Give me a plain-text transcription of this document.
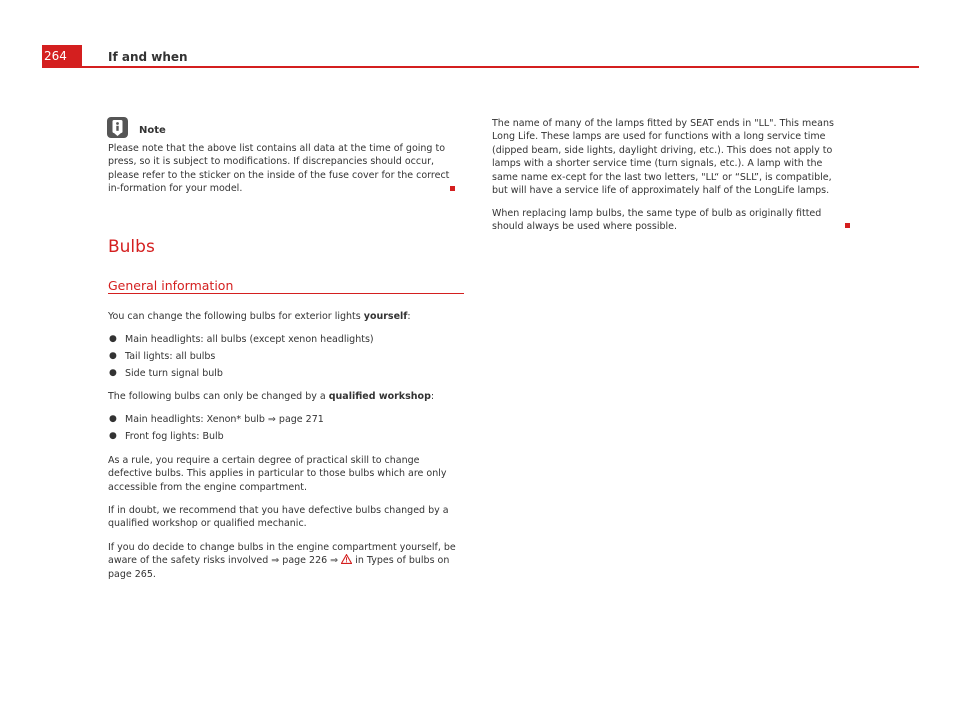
264	If and when
Note
Please note that the above list contains all data at the time of going to press, so it is subject to modifications. If discrepancies should occur, please refer to the sticker on the inside of the fuse cover for the correct in-formation for your model.
Bulbs
General information
You can change the following bulbs for exterior lights yourself:
● Main headlights: all bulbs (except xenon headlights)
● Tail lights: all bulbs
● Side turn signal bulb
The following bulbs can only be changed by a qualified workshop:
● Main headlights: Xenon* bulb ⇒ page 271
● Front fog lights: Bulb
As a rule, you require a certain degree of practical skill to change defective bulbs. This applies in particular to those bulbs which are only accessible from the engine compartment.
If in doubt, we recommend that you have defective bulbs changed by a qualified workshop or qualified mechanic.
If you do decide to change bulbs in the engine compartment yourself, be aware of the safety risks involved ⇒ page 226 ⇒  in Types of bulbs on page 265.
The name of many of the lamps fitted by SEAT ends in "LL". This means Long Life. These lamps are used for functions with a long service time (dipped beam, side lights, daylight driving, etc.). This does not apply to lamps with a shorter service time (turn signals, etc.). A lamp with the same name ex-cept for the last two letters, "LL“ or “SLL”, is compatible, but will have a service life of approximately half of the LongLife lamps.
When replacing lamp bulbs, the same type of bulb as originally fitted should always be used where possible.
